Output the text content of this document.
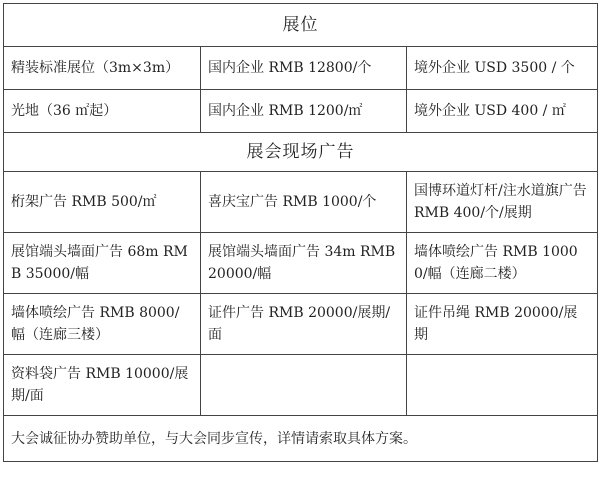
展位		
精装标准展位（3m×3m）	国内企业 RMB 12800/个	境外企业 USD 3500 / 个
光地（36 ㎡起）	国内企业 RMB 1200/㎡	境外企业 USD 400 / ㎡
展会现场广告		
桁架广告 RMB 500/㎡	喜庆宝广告 RMB 1000/个	国博环道灯杆/注水道旗广告 RMB 400/个/展期
展馆端头墙面广告 68m RMB 35000/幅	展馆端头墙面广告 34m RMB 20000/幅	墙体喷绘广告 RMB 10000/幅（连廊二楼）
墙体喷绘广告 RMB 8000/幅（连廊三楼）	证件广告 RMB 20000/展期/面	证件吊绳 RMB 20000/展期
资料袋广告 RMB 10000/展期/面		
大会诚征协办赞助单位，与大会同步宣传，详情请索取具体方案。		
